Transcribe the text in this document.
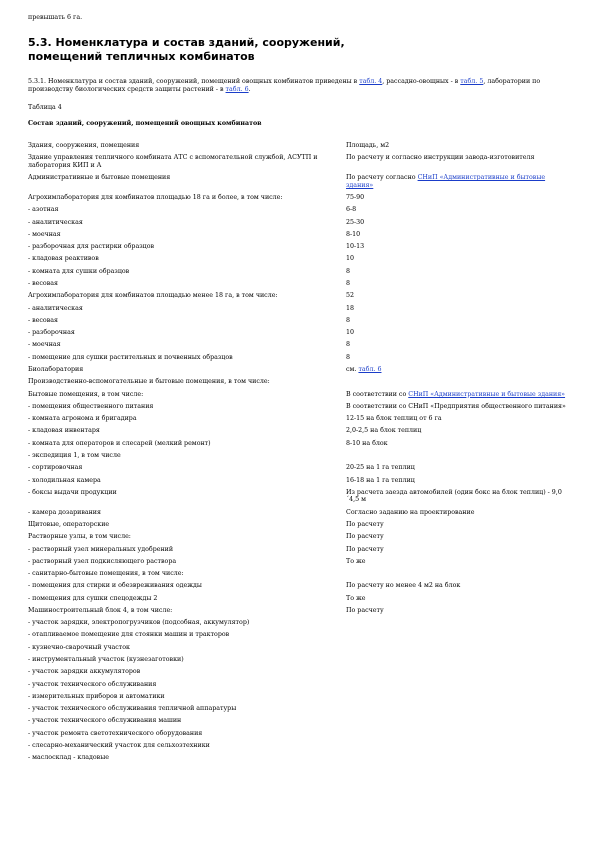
превышать 6 га.

5.3. Номенклатура и состав зданий, сооружений,
помещений тепличных комбинатов

5.3.1. Номенклатура и состав зданий, сооружений, помещений овощных комбинатов приведены в табл. 4, рассадно-овощных - в табл. 5, лаборатории по производству биологических средств защиты растений - в табл. 6.

Таблица 4

Состав зданий, сооружений, помещений овощных комбинатов

Здания, сооружения, помещения	Площадь, м2
Здание управления тепличного комбината АТС с вспомогательной службой, АСУТП и лаборатория КИП и А	По расчету и согласно инструкции завода-изготовителя
Административные и бытовые помещения	По расчету согласно СНиП «Административные и бытовые здания»
Агрохимлаборатория для комбинатов площадью 18 га и более, в том числе:	75-90
- азотная	6-8
- аналитическая	25-30
- моечная	8-10
- разборочная для растирки образцов	10-13
- кладовая реактивов	10
- комната для сушки образцов	8
- весовая	8
Агрохимлаборатория для комбинатов площадью менее 18 га, в том числе:	52
- аналитическая	18
- весовая	8
- разборочная	10
- моечная	8
- помещение для сушки растительных и почвенных образцов	8
Биолаборатория	см. табл. 6
Производственно-вспомогательные и бытовые помещения, в том числе:	
Бытовые помещения, в том числе:	В соответствии со СНиП «Административные и бытовые здания»
- помещения общественного питания	В соответствии со СНиП «Предприятия общественного питания»
- комната агронома и бригадира	12-15 на блок теплиц от 6 га
- кладовая инвентаря	2,0-2,5 на блок теплиц
- комната для операторов и слесарей (мелкий ремонт)	8-10 на блок
- экспедиция 1, в том числе	
- сортировочная	20-25 на 1 га теплиц
- холодильная камера	16-18 на 1 га теплиц
- боксы выдачи продукции	Из расчета заезда автомобилей (один бокс на блок теплиц) - 9,0´4,5 м
- камера дозаривания	Согласно заданию на проектирование
Щитовые, операторские	По расчету
Растворные узлы, в том числе:	По расчету
- растворный узел минеральных удобрений	По расчету
- растворный узел подкисляющего раствора	То же
- санитарно-бытовые помещения, в том числе:	
- помещения для стирки и обезвреживания одежды	По расчету но менее 4 м2 на блок
- помещения для сушки спецодежды 2	То же
Машиностроительный блок 4, в том числе:	По расчету
- участок зарядки, электропогрузчиков (подсобная, аккумулятор)	
- отапливаемое помещение для стоянки машин и тракторов	
- кузнечно-сварочный участок	
- инструментальный участок (кузнезаготовки)	
- участок зарядки аккумуляторов	
- участок технического обслуживания	
- измерительных приборов и автоматики	
- участок технического обслуживания тепличной аппаратуры	
- участок технического обслуживания машин	
- участок ремонта светотехнического оборудования	
- слесарно-механический участок для сельхозтехники	
- маслосклад - кладовые	
